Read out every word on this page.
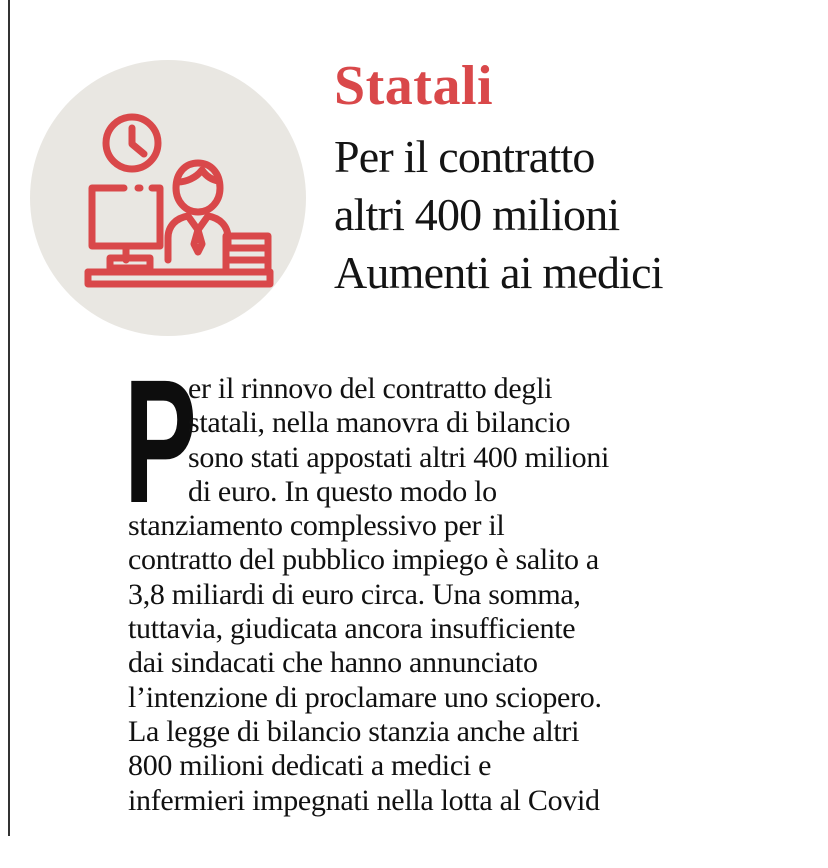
Statali
Per il contratto
altri 400 milioni
Aumenti ai medici
P

er il rinnovo del contratto degli
statali, nella manovra di bilancio
sono stati appostati altri 400 milioni
di euro. In questo modo lo
stanziamento complessivo per il
contratto del pubblico impiego è salito a
3,8 miliardi di euro circa. Una somma,
tuttavia, giudicata ancora insufficiente
dai sindacati che hanno annunciato
l’intenzione di proclamare uno sciopero.
La legge di bilancio stanzia anche altri
800 milioni dedicati a medici e
infermieri impegnati nella lotta al Covid
